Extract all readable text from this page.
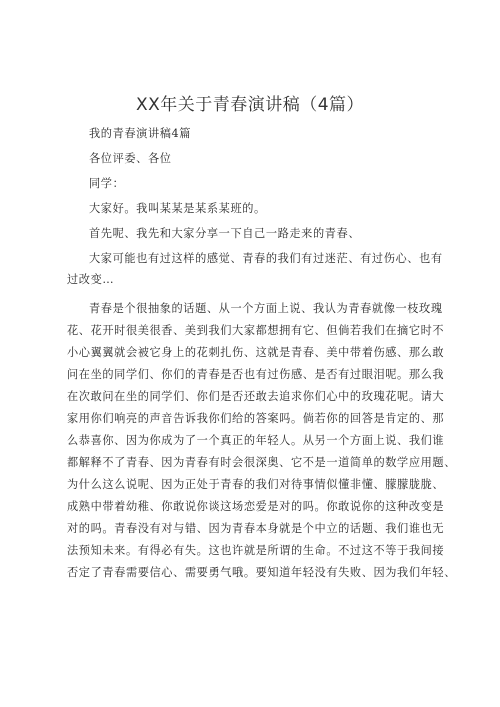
XX年关于青春演讲稿（4篇）
我的青春演讲稿4篇
各位评委、各位
同学：
大家好。我叫某某是某系某班的。
首先呢、我先和大家分享一下自己一路走来的青春、
大家可能也有过这样的感觉、青春的我们有过迷茫、有过伤心、也有
过改变…
青春是个很抽象的话题、从一个方面上说、我认为青春就像一枝玫瑰
花、花开时很美很香、美到我们大家都想拥有它、但倘若我们在摘它时不
小心翼翼就会被它身上的花刺扎伤、这就是青春、美中带着伤感、那么敢
问在坐的同学们、你们的青春是否也有过伤感、是否有过眼泪呢。那么我
在次敢问在坐的同学们、你们是否还敢去追求你们心中的玫瑰花呢。请大
家用你们响亮的声音告诉我你们给的答案吗。倘若你的回答是肯定的、那
么恭喜你、因为你成为了一个真正的年轻人。从另一个方面上说、我们谁
都解释不了青春、因为青春有时会很深奥、它不是一道简单的数学应用题、
为什么这么说呢、因为正处于青春的我们对待事情似懂非懂、朦朦胧胧、
成熟中带着幼稚、你敢说你谈这场恋爱是对的吗。你敢说你的这种改变是
对的吗。青春没有对与错、因为青春本身就是个中立的话题、我们谁也无
法预知未来。有得必有失。这也许就是所谓的生命。不过这不等于我间接
否定了青春需要信心、需要勇气哦。要知道年轻没有失败、因为我们年轻、
